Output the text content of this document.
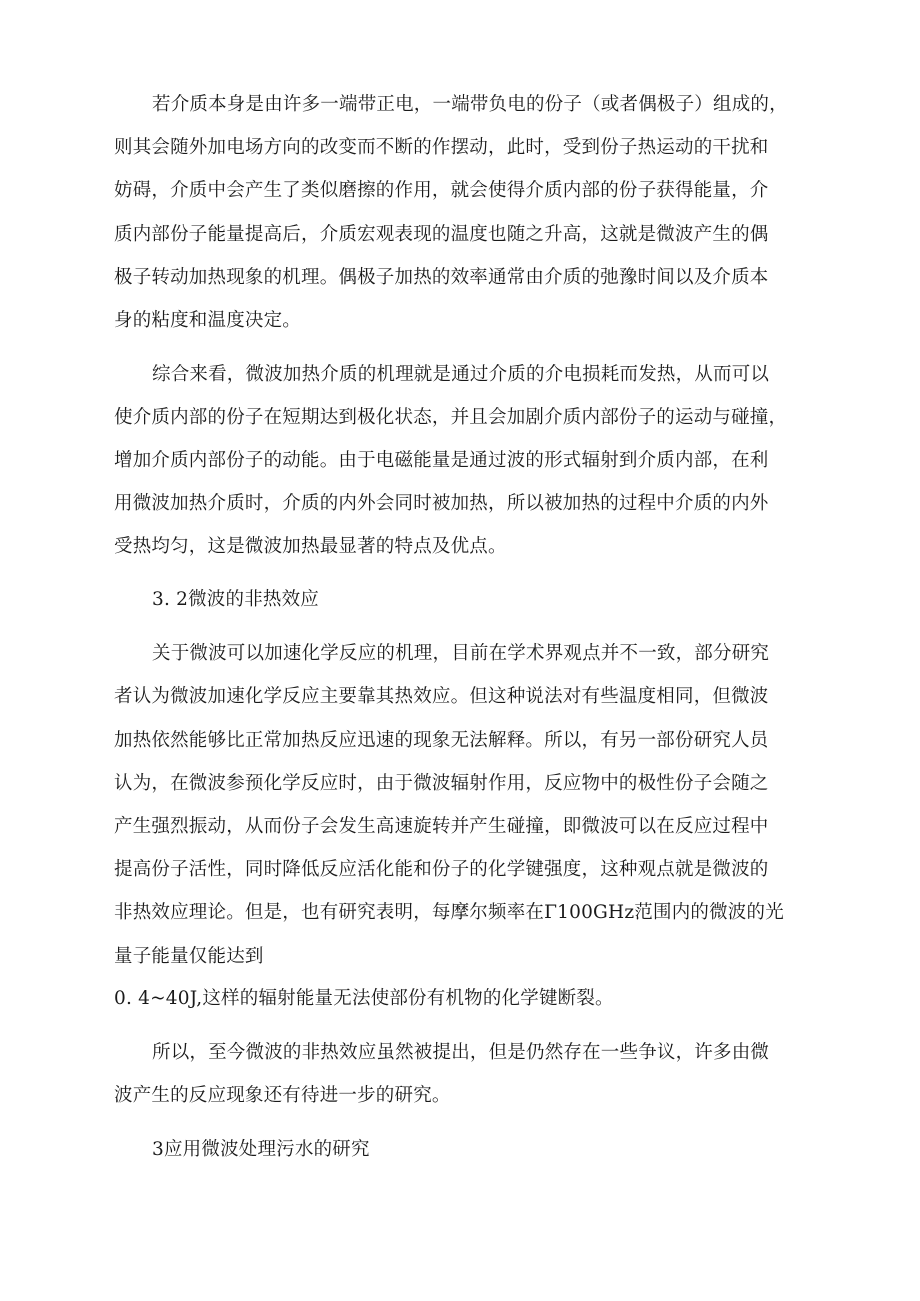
若介质本身是由许多一端带正电，一端带负电的份子（或者偶极子）组成的，
则其会随外加电场方向的改变而不断的作摆动，此时，受到份子热运动的干扰和
妨碍，介质中会产生了类似磨擦的作用，就会使得介质内部的份子获得能量，介
质内部份子能量提高后，介质宏观表现的温度也随之升高，这就是微波产生的偶
极子转动加热现象的机理。偶极子加热的效率通常由介质的弛豫时间以及介质本
身的粘度和温度决定。
综合来看，微波加热介质的机理就是通过介质的介电损耗而发热，从而可以
使介质内部的份子在短期达到极化状态，并且会加剧介质内部份子的运动与碰撞，
增加介质内部份子的动能。由于电磁能量是通过波的形式辐射到介质内部，在利
用微波加热介质时，介质的内外会同时被加热，所以被加热的过程中介质的内外
受热均匀，这是微波加热最显著的特点及优点。
3. 2微波的非热效应
关于微波可以加速化学反应的机理，目前在学术界观点并不一致，部分研究
者认为微波加速化学反应主要靠其热效应。但这种说法对有些温度相同，但微波
加热依然能够比正常加热反应迅速的现象无法解释。所以，有另一部份研究人员
认为，在微波参预化学反应时，由于微波辐射作用，反应物中的极性份子会随之
产生强烈振动，从而份子会发生高速旋转并产生碰撞，即微波可以在反应过程中
提高份子活性，同时降低反应活化能和份子的化学键强度，这种观点就是微波的
非热效应理论。但是，也有研究表明，每摩尔频率在Γ100GHz范围内的微波的光
量子能量仅能达到
0. 4~40J,这样的辐射能量无法使部份有机物的化学键断裂。
所以，至今微波的非热效应虽然被提出，但是仍然存在一些争议，许多由微
波产生的反应现象还有待进一步的研究。
3应用微波处理污水的研究
